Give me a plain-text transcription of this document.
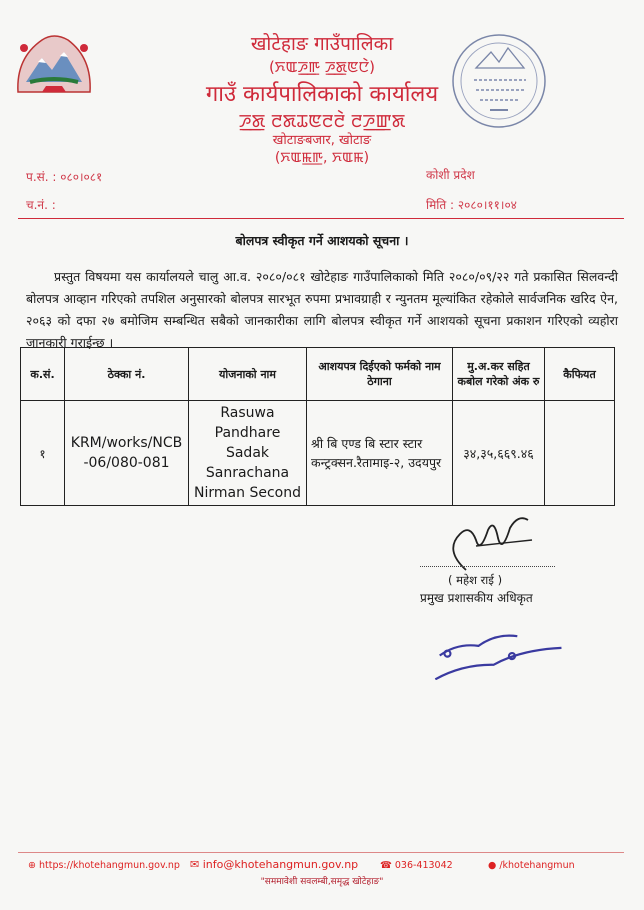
खोटेहाङ गाउँपालिका
(ꯈꯑꯍ꯭ꯒ ꯍ꯭ꯗꯟꯅꯥ)
गाउँ कार्यपालिकाको कार्यालय
ꯍ꯭ꯗ ꯂꯗꯊꯟꯂꯂꯥ ꯂꯍ꯭ꯛꯗ
खोटाङबजार, खोटाङ
(ꯈꯑꯃ꯭ꯒ, ꯈꯑꯃ)
प.सं. : ०८०।०८१
च.नं. :
कोशी प्रदेश
मिति : २०८०।११।०४
बोलपत्र स्वीकृत गर्ने आशयको सूचना ।

प्रस्तुत विषयमा यस कार्यालयले चालु आ.व. २०८०/०८१ खोटेहाङ गाउँपालिकाको मिति २०८०/०९/२२ गते प्रकासित सिलवन्दी बोलपत्र आव्हान गरिएको तपशिल अनुसारको बोलपत्र सारभूत रुपमा प्रभावग्राही र न्युनतम मूल्यांकित रहेकोले सार्वजनिक खरिद ऐन, २०६३ को दफा २७ बमोजिम सम्बन्धित सबैको जानकारीका लागि बोलपत्र स्वीकृत गर्ने आशयको सूचना प्रकाशन गरिएको व्यहोरा जानकारी गराईन्छ ।

क.सं.	ठेक्का नं.	योजनाको नाम	आशयपत्र दिईएको फर्मको नाम ठेगाना	मु.अ.कर सहित कबोल गरेको अंक रु	कैफियत
१	KRM/works/NCB-06/080-081	Rasuwa Pandhare Sadak Sanrachana Nirman Second	श्री बि एण्ड बि स्टार स्टार कन्ट्रक्सन.रैतामाइ-२, उदयपुर	३४,३५,६६९.४६	
( महेश राई )
प्रमुख प्रशासकीय अधिकृत
⊕ https://khotehangmun.gov.np ✉ info@khotehangmun.gov.np ☎ 036-413042	● /khotehangmun
"सममावेशी सवलम्बी,समृद्ध खोटेहाङ"
